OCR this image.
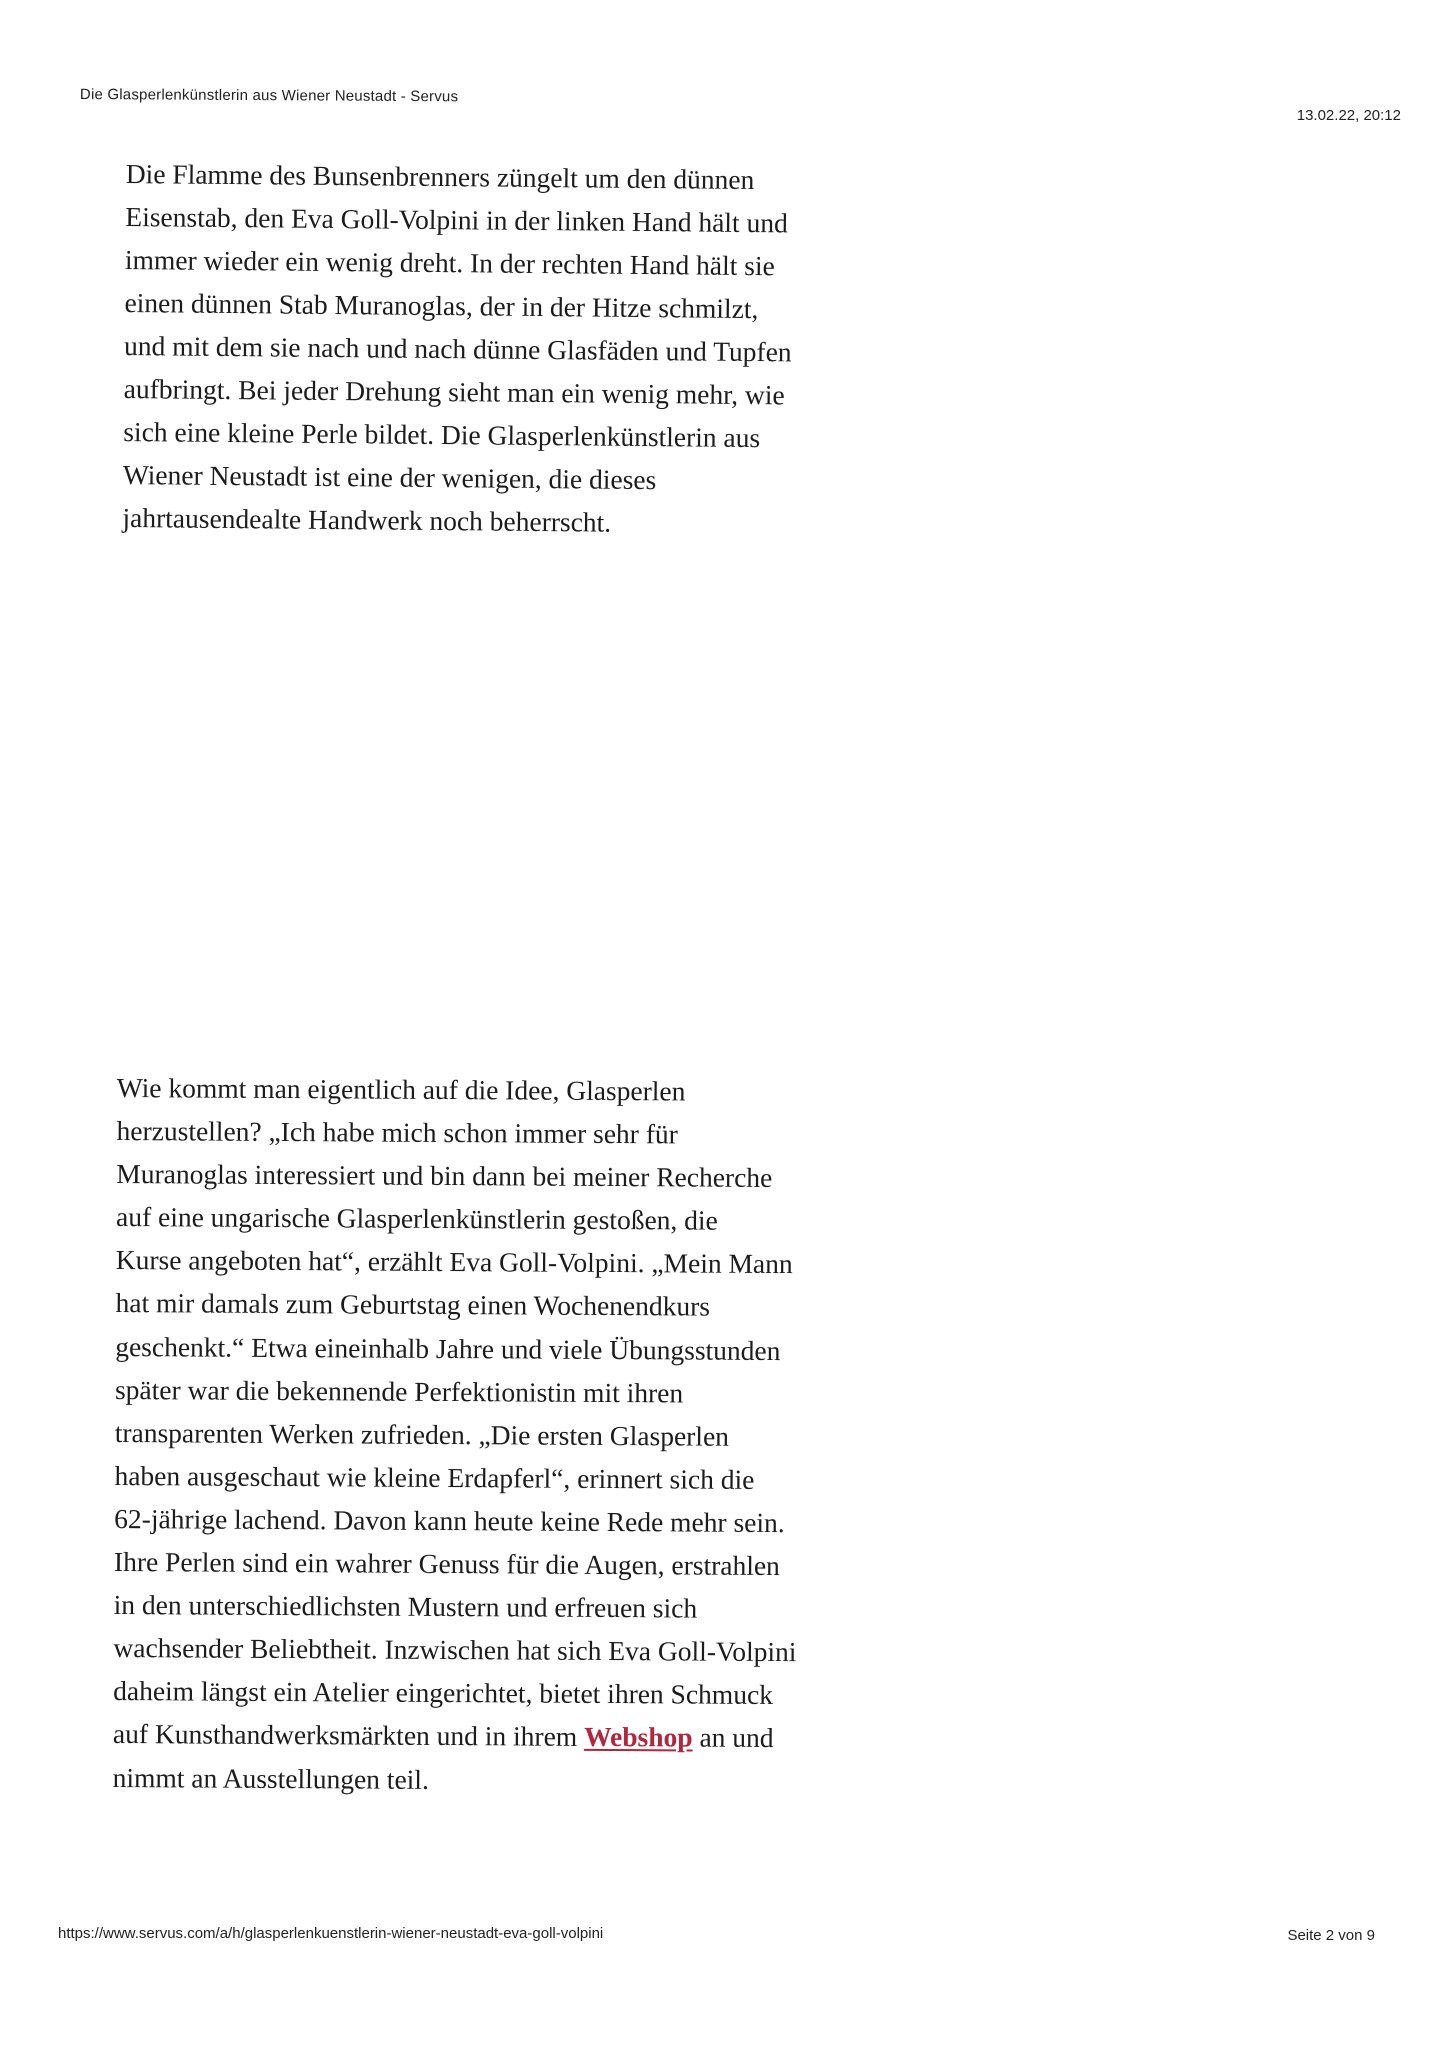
Die Glasperlenkünstlerin aus Wiener Neustadt - Servus
13.02.22, 20:12

Die Flamme des Bunsenbrenners züngelt um den dünnen
Eisenstab, den Eva Goll-Volpini in der linken Hand hält und
immer wieder ein wenig dreht. In der rechten Hand hält sie
einen dünnen Stab Muranoglas, der in der Hitze schmilzt,
und mit dem sie nach und nach dünne Glasfäden und Tupfen
aufbringt. Bei jeder Drehung sieht man ein wenig mehr, wie
sich eine kleine Perle bildet. Die Glasperlenkünstlerin aus
Wiener Neustadt ist eine der wenigen, die dieses
jahrtausendealte Handwerk noch beherrscht.

Wie kommt man eigentlich auf die Idee, Glasperlen
herzustellen? „Ich habe mich schon immer sehr für
Muranoglas interessiert und bin dann bei meiner Recherche
auf eine ungarische Glasperlenkünstlerin gestoßen, die
Kurse angeboten hat“, erzählt Eva Goll-Volpini. „Mein Mann
hat mir damals zum Geburtstag einen Wochenendkurs
geschenkt.“ Etwa eineinhalb Jahre und viele Übungsstunden
später war die bekennende Perfektionistin mit ihren
transparenten Werken zufrieden. „Die ersten Glasperlen
haben ausgeschaut wie kleine Erdapferl“, erinnert sich die
62-jährige lachend. Davon kann heute keine Rede mehr sein.
Ihre Perlen sind ein wahrer Genuss für die Augen, erstrahlen
in den unterschiedlichsten Mustern und erfreuen sich
wachsender Beliebtheit. Inzwischen hat sich Eva Goll-Volpini
daheim längst ein Atelier eingerichtet, bietet ihren Schmuck
auf Kunsthandwerksmärkten und in ihrem Webshop an und
nimmt an Ausstellungen teil.

https://www.servus.com/a/h/glasperlenkuenstlerin-wiener-neustadt-eva-goll-volpini	Seite 2 von 9
